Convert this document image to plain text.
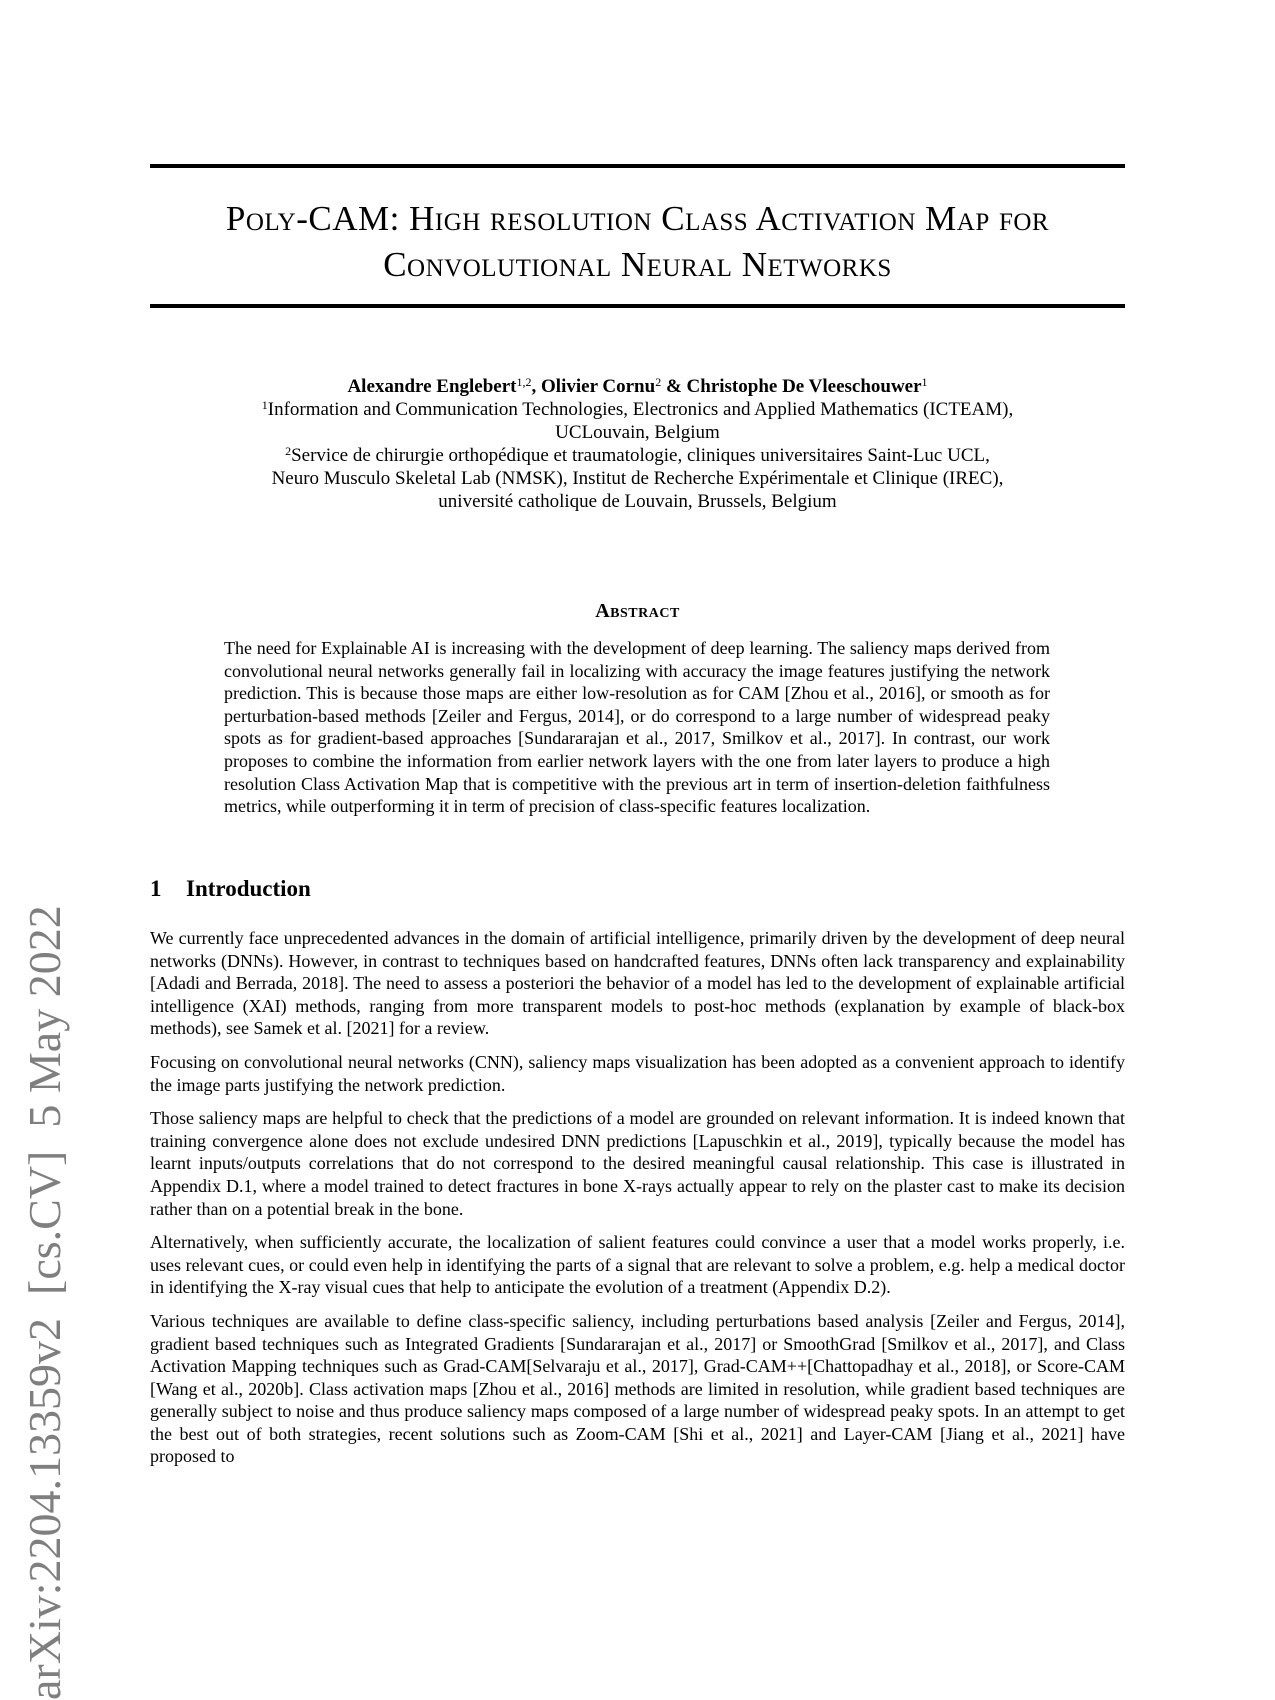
arXiv:2204.13359v2  [cs.CV]  5 May 2022
Poly-CAM: High resolution Class Activation Map for
Convolutional Neural Networks
Alexandre Englebert$^{1,2}$, Olivier Cornu$^2$ & Christophe De Vleeschouwer$^1$
$^1$Information and Communication Technologies, Electronics and Applied Mathematics (ICTEAM),
UCLouvain, Belgium
$^2$Service de chirurgie orthopédique et traumatologie, cliniques universitaires Saint-Luc UCL,
Neuro Musculo Skeletal Lab (NMSK), Institut de Recherche Expérimentale et Clinique (IREC),
université catholique de Louvain, Brussels, Belgium
Abstract
The need for Explainable AI is increasing with the development of deep learning. The saliency maps derived from convolutional neural networks generally fail in localizing with accuracy the image features justifying the network prediction. This is because those maps are either low-resolution as for CAM [Zhou et al., 2016], or smooth as for perturbation-based methods [Zeiler and Fergus, 2014], or do correspond to a large number of widespread peaky spots as for gradient-based approaches [Sundararajan et al., 2017, Smilkov et al., 2017]. In contrast, our work proposes to combine the information from earlier network layers with the one from later layers to produce a high resolution Class Activation Map that is competitive with the previous art in term of insertion-deletion faithfulness metrics, while outperforming it in term of precision of class-specific features localization.
1 Introduction

We currently face unprecedented advances in the domain of artificial intelligence, primarily driven by the development of deep neural networks (DNNs). However, in contrast to techniques based on handcrafted features, DNNs often lack transparency and explainability [Adadi and Berrada, 2018]. The need to assess a posteriori the behavior of a model has led to the development of explainable artificial intelligence (XAI) methods, ranging from more transparent models to post-hoc methods (explanation by example of black-box methods), see Samek et al. [2021] for a review.

Focusing on convolutional neural networks (CNN), saliency maps visualization has been adopted as a convenient approach to identify the image parts justifying the network prediction.

Those saliency maps are helpful to check that the predictions of a model are grounded on relevant information. It is indeed known that training convergence alone does not exclude undesired DNN predictions [Lapuschkin et al., 2019], typically because the model has learnt inputs/outputs correlations that do not correspond to the desired meaningful causal relationship. This case is illustrated in Appendix D.1, where a model trained to detect fractures in bone X-rays actually appear to rely on the plaster cast to make its decision rather than on a potential break in the bone.

Alternatively, when sufficiently accurate, the localization of salient features could convince a user that a model works properly, i.e. uses relevant cues, or could even help in identifying the parts of a signal that are relevant to solve a problem, e.g. help a medical doctor in identifying the X-ray visual cues that help to anticipate the evolution of a treatment (Appendix D.2).

Various techniques are available to define class-specific saliency, including perturbations based analysis [Zeiler and Fergus, 2014], gradient based techniques such as Integrated Gradients [Sundararajan et al., 2017] or SmoothGrad [Smilkov et al., 2017], and Class Activation Mapping techniques such as Grad-CAM[Selvaraju et al., 2017], Grad-CAM++[Chattopadhay et al., 2018], or Score-CAM [Wang et al., 2020b]. Class activation maps [Zhou et al., 2016] methods are limited in resolution, while gradient based techniques are generally subject to noise and thus produce saliency maps composed of a large number of widespread peaky spots. In an attempt to get the best out of both strategies, recent solutions such as Zoom-CAM [Shi et al., 2021] and Layer-CAM [Jiang et al., 2021] have proposed to
